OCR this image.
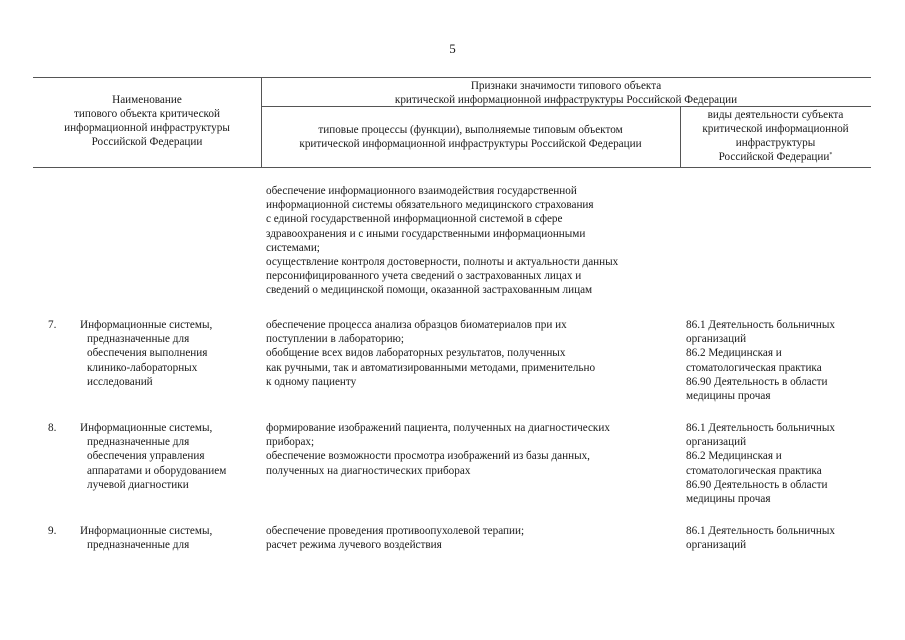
5
Наименование
типового объекта критической
информационной инфраструктуры
Российской Федерации
Признаки значимости типового объекта
критической информационной инфраструктуры Российской Федерации
типовые процессы (функции), выполняемые типовым объектом
критической информационной инфраструктуры Российской Федерации
виды деятельности субъекта
критической информационной
инфраструктуры
Российской Федерации*
обеспечение информационного взаимодействия государственной
информационной системы обязательного медицинского страхования
с единой государственной информационной системой в сфере
здравоохранения и с иными государственными информационными
системами;
осуществление контроля достоверности, полноты и актуальности данных
персонифицированного учета сведений о застрахованных лицах и
сведений о медицинской помощи, оказанной застрахованным лицам
7. Информационные системы,
предназначенные для
обеспечения выполнения
клинико-лабораторных
исследований
обеспечение процесса анализа образцов биоматериалов при их
поступлении в лабораторию;
обобщение всех видов лабораторных результатов, полученных
как ручными, так и автоматизированными методами, применительно
к одному пациенту
86.1 Деятельность больничных
организаций
86.2 Медицинская и
стоматологическая практика
86.90 Деятельность в области
медицины прочая
8. Информационные системы,
предназначенные для
обеспечения управления
аппаратами и оборудованием
лучевой диагностики
формирование изображений пациента, полученных на диагностических
приборах;
обеспечение возможности просмотра изображений из базы данных,
полученных на диагностических приборах
86.1 Деятельность больничных
организаций
86.2 Медицинская и
стоматологическая практика
86.90 Деятельность в области
медицины прочая
9. Информационные системы,
предназначенные для
обеспечение проведения противоопухолевой терапии;
расчет режима лучевого воздействия
86.1 Деятельность больничных
организаций
